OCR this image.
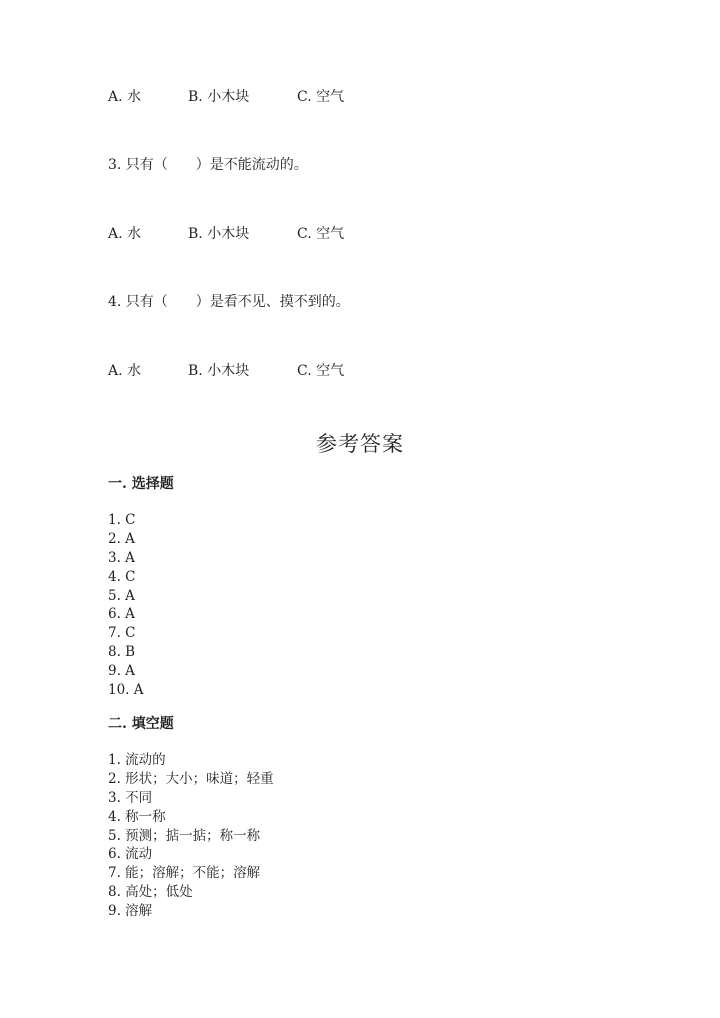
A. 水	B. 小木块	C. 空气
3. 只有（　　）是不能流动的。
A. 水	B. 小木块	C. 空气
4. 只有（　　）是看不见、摸不到的。
A. 水	B. 小木块	C. 空气
参考答案
一. 选择题
1. C
2. A
3. A
4. C
5. A
6. A
7. C
8. B
9. A
10. A
二. 填空题
1. 流动的
2. 形状；大小；味道；轻重
3. 不同
4. 称一称
5. 预测；掂一掂；称一称
6. 流动
7. 能；溶解；不能；溶解
8. 高处；低处
9. 溶解
